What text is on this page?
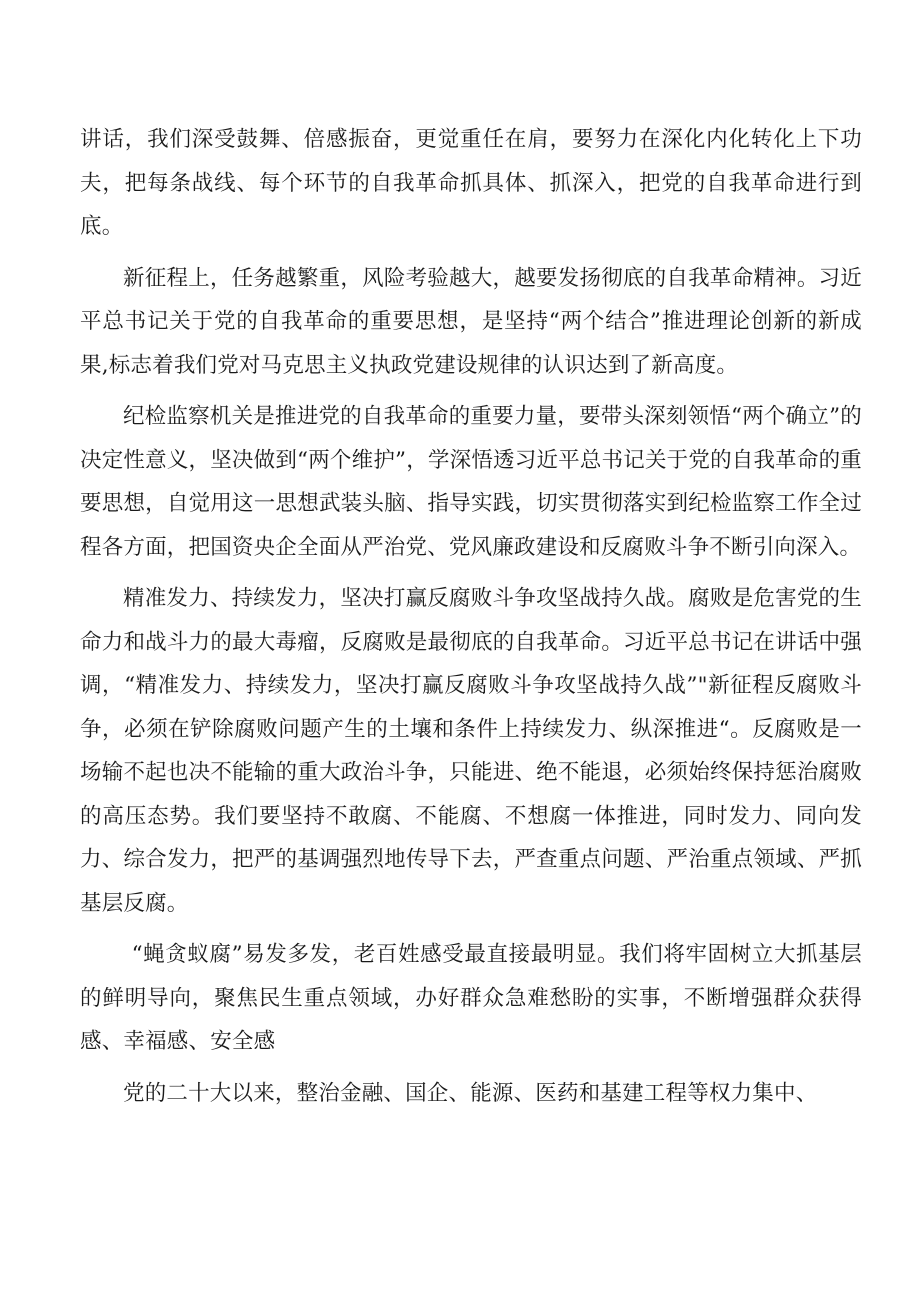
讲话，我们深受鼓舞、倍感振奋，更觉重任在肩，要努力在深化内化转化上下功夫，把每条战线、每个环节的自我革命抓具体、抓深入，把党的自我革命进行到底。

新征程上，任务越繁重，风险考验越大，越要发扬彻底的自我革命精神。习近平总书记关于党的自我革命的重要思想，是坚持“两个结合”推进理论创新的新成果,标志着我们党对马克思主义执政党建设规律的认识达到了新高度。

纪检监察机关是推进党的自我革命的重要力量，要带头深刻领悟“两个确立”的决定性意义，坚决做到“两个维护”，学深悟透习近平总书记关于党的自我革命的重要思想，自觉用这一思想武装头脑、指导实践，切实贯彻落实到纪检监察工作全过程各方面，把国资央企全面从严治党、党风廉政建设和反腐败斗争不断引向深入。

精准发力、持续发力，坚决打赢反腐败斗争攻坚战持久战。腐败是危害党的生命力和战斗力的最大毒瘤，反腐败是最彻底的自我革命。习近平总书记在讲话中强调，“精准发力、持续发力，坚决打赢反腐败斗争攻坚战持久战”"新征程反腐败斗争，必须在铲除腐败问题产生的土壤和条件上持续发力、纵深推进“。反腐败是一场输不起也决不能输的重大政治斗争，只能进、绝不能退，必须始终保持惩治腐败的高压态势。我们要坚持不敢腐、不能腐、不想腐一体推进，同时发力、同向发力、综合发力，把严的基调强烈地传导下去，严查重点问题、严治重点领域、严抓基层反腐。

“蝇贪蚁腐”易发多发，老百姓感受最直接最明显。我们将牢固树立大抓基层的鲜明导向，聚焦民生重点领域，办好群众急难愁盼的实事，不断增强群众获得感、幸福感、安全感

党的二十大以来，整治金融、国企、能源、医药和基建工程等权力集中、
